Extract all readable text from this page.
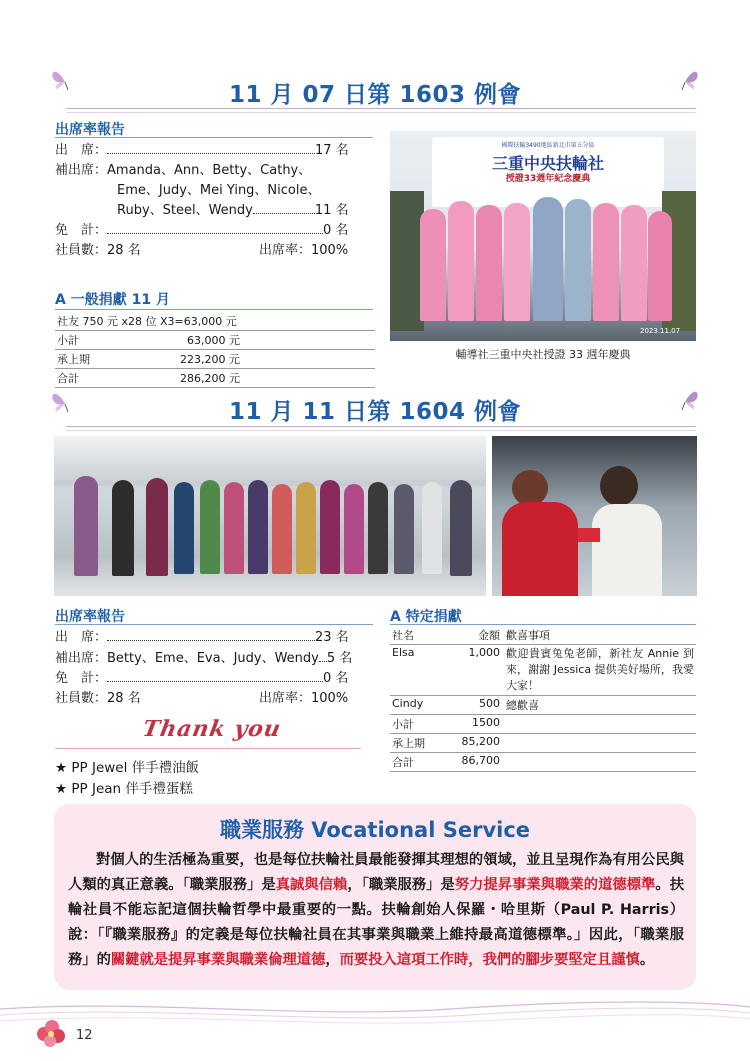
11 月 07 日第 1603 例會
出席率報告
出　席：	17 名
補出席：Amanda、Ann、Betty、Cathy、
Eme、Judy、Mei Ying、Nicole、
Ruby、Steel、Wendy	11 名
免　計：	0 名
社員數：28 名	出席率：100%
A 一般捐獻 11 月
社友 750 元 x28 位 X3=63,000 元	
小計	63,000 元
承上期	223,200 元
合計	286,200 元
國際扶輪3490地區新北市第五分區
三重中央扶輪社
授證33週年紀念慶典
2023.11.07
輔導社三重中央社授證 33 週年慶典
11 月 11 日第 1604 例會
出席率報告
出　席：	23 名
補出席：Betty、Eme、Eva、Judy、Wendy 5 名
免　計：	0 名
社員數：28 名	出席率：100%
Thank you
★ PP Jewel 伴手禮油飯
★ PP Jean 伴手禮蛋糕
A 特定捐獻
社名	金額	歡喜事項
Elsa	1,000	歡迎貴賓兔兔老師，新社友 Annie 到來，謝謝 Jessica 提供美好場所，我愛大家！
Cindy	500	總歡喜
小計	1500	
承上期	85,200	
合計	86,700	
職業服務 Vocational Service
對個人的生活極為重要，也是每位扶輪社員最能發揮其理想的領域，並且呈現作為有用公民與人類的真正意義。「職業服務」是真誠與信賴，「職業服務」是努力提昇事業與職業的道德標準。扶輪社員不能忘記這個扶輪哲學中最重要的一點。扶輪創始人保羅・哈里斯（Paul P. Harris）說：「『職業服務』的定義是每位扶輪社員在其事業與職業上維持最高道德標準。」因此，「職業服務」的關鍵就是提昇事業與職業倫理道德，而要投入這項工作時，我們的腳步要堅定且謹慎。
12
